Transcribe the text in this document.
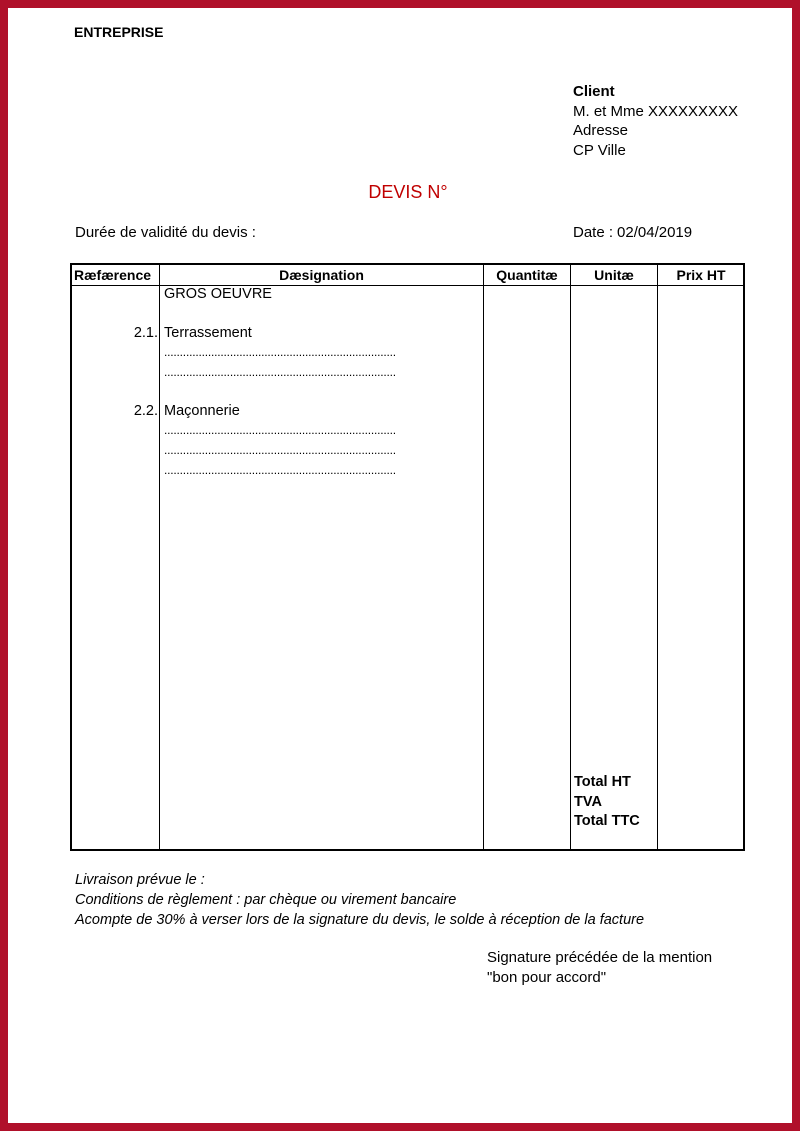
ENTREPRISE
Client
M. et Mme XXXXXXXXX
Adresse
CP Ville
DEVIS N°
Durée de validité du devis :	Date : 02/04/2019
Ræfærence	Dæsignation	Quantitæ	Unitæ	Prix HT
GROS OEUVRE
2.1. Terrassement
..........................................................................
..........................................................................
2.2. Maçonnerie
..........................................................................
..........................................................................
..........................................................................
Total HT
TVA
Total TTC
Livraison prévue le :
Conditions de règlement : par chèque ou virement bancaire
Acompte de 30% à verser lors de la signature du devis, le solde à réception de la facture
Signature précédée de la mention
"bon pour accord"
